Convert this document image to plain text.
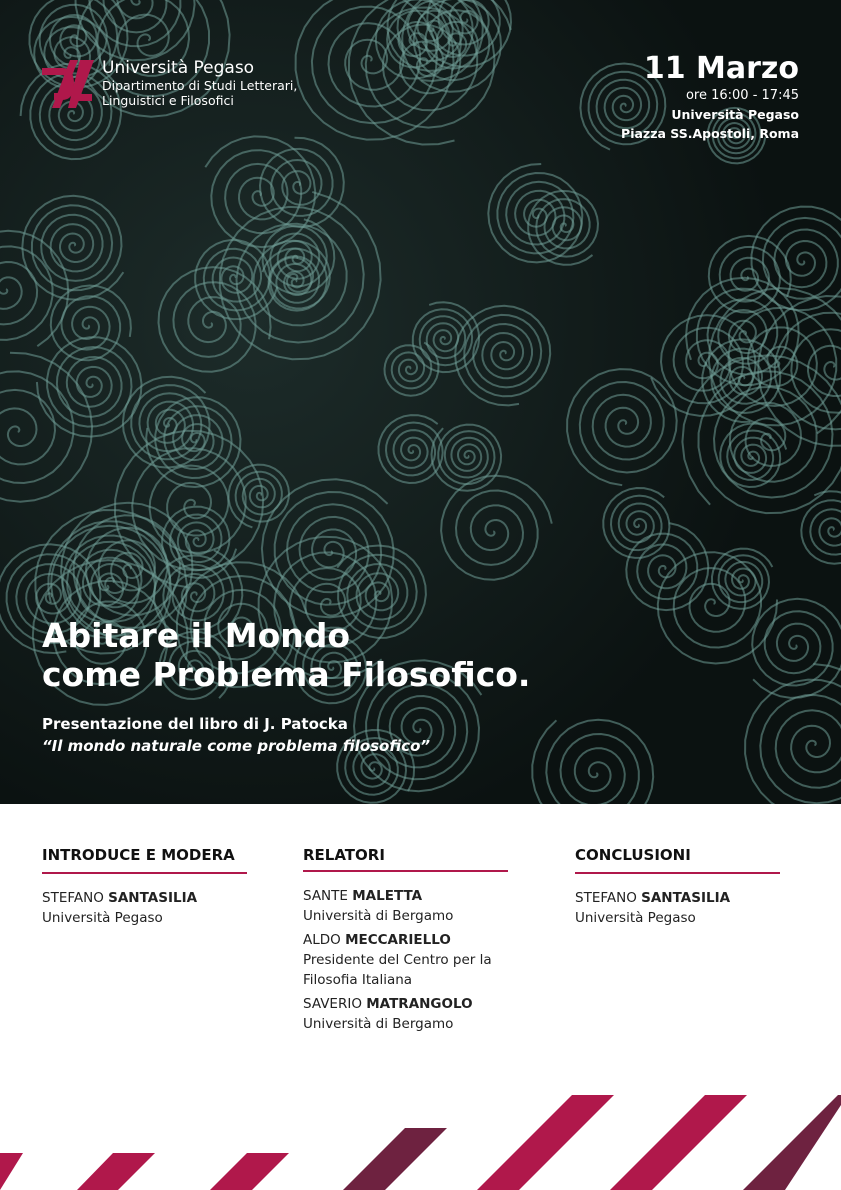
Università Pegaso
Dipartimento di Studi Letterari,
Linguistici e Filosofici
11 Marzo
ore 16:00 - 17:45
Università Pegaso
Piazza SS.Apostoli, Roma
Abitare il Mondo
come Problema Filosofico.
Presentazione del libro di J. Patocka
“Il mondo naturale come problema filosofico”
INTRODUCE E MODERA

STEFANO SANTASILIA

Università Pegaso

RELATORI

SANTE MALETTA

Università di Bergamo

ALDO MECCARIELLO

Presidente del Centro per la Filosofia Italiana

SAVERIO MATRANGOLO

Università di Bergamo

CONCLUSIONI

STEFANO SANTASILIA

Università Pegaso
